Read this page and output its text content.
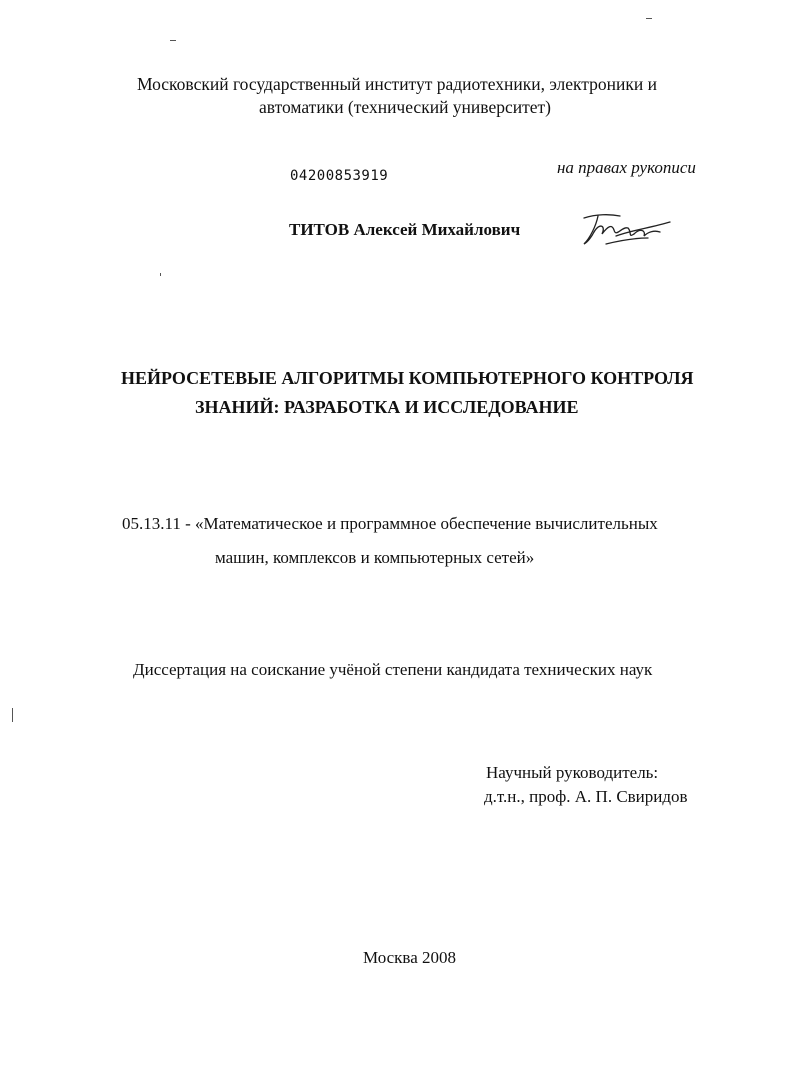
Московский государственный институт радиотехники, электроники и
автоматики (технический университет)
04200853919	на правах рукописи
ТИТОВ Алексей Михайлович
НЕЙРОСЕТЕВЫЕ АЛГОРИТМЫ КОМПЬЮТЕРНОГО КОНТРОЛЯ
ЗНАНИЙ: РАЗРАБОТКА И ИССЛЕДОВАНИЕ
05.13.11 - «Математическое и программное обеспечение вычислительных
машин, комплексов и компьютерных сетей»
Диссертация на соискание учёной степени кандидата технических наук
Научный руководитель:
д.т.н., проф. А. П. Свиридов
Москва 2008
